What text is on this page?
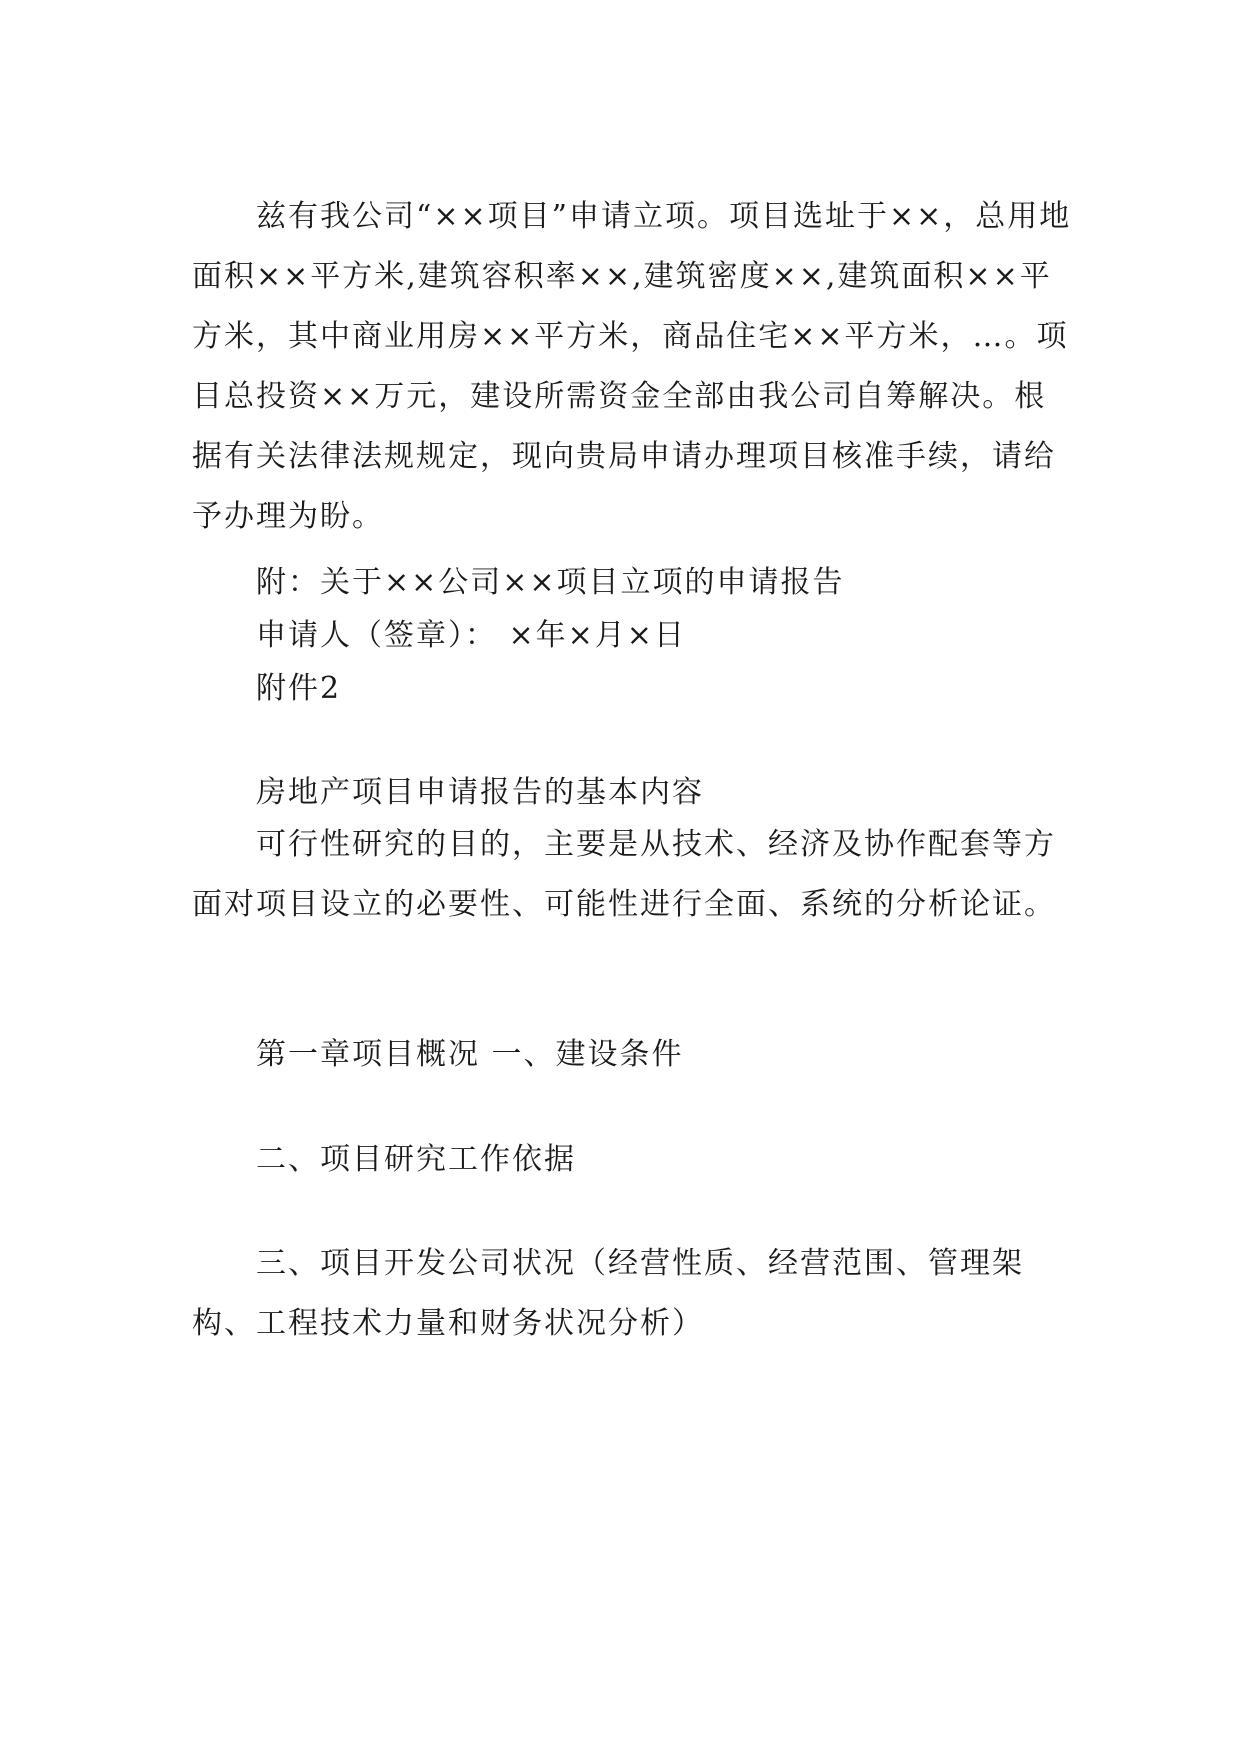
兹有我公司“××项目”申请立项。项目选址于××，总用地面积××平方米,建筑容积率××,建筑密度××,建筑面积××平方米，其中商业用房××平方米，商品住宅××平方米，…。项目总投资××万元，建设所需资金全部由我公司自筹解决。根据有关法律法规规定，现向贵局申请办理项目核准手续，请给予办理为盼。

附：关于××公司××项目立项的申请报告

申请人（签章）： ×年×月×日

附件2

房地产项目申请报告的基本内容

可行性研究的目的，主要是从技术、经济及协作配套等方面对项目设立的必要性、可能性进行全面、系统的分析论证。

第一章项目概况 一、建设条件

二、项目研究工作依据

三、项目开发公司状况（经营性质、经营范围、管理架构、工程技术力量和财务状况分析）
